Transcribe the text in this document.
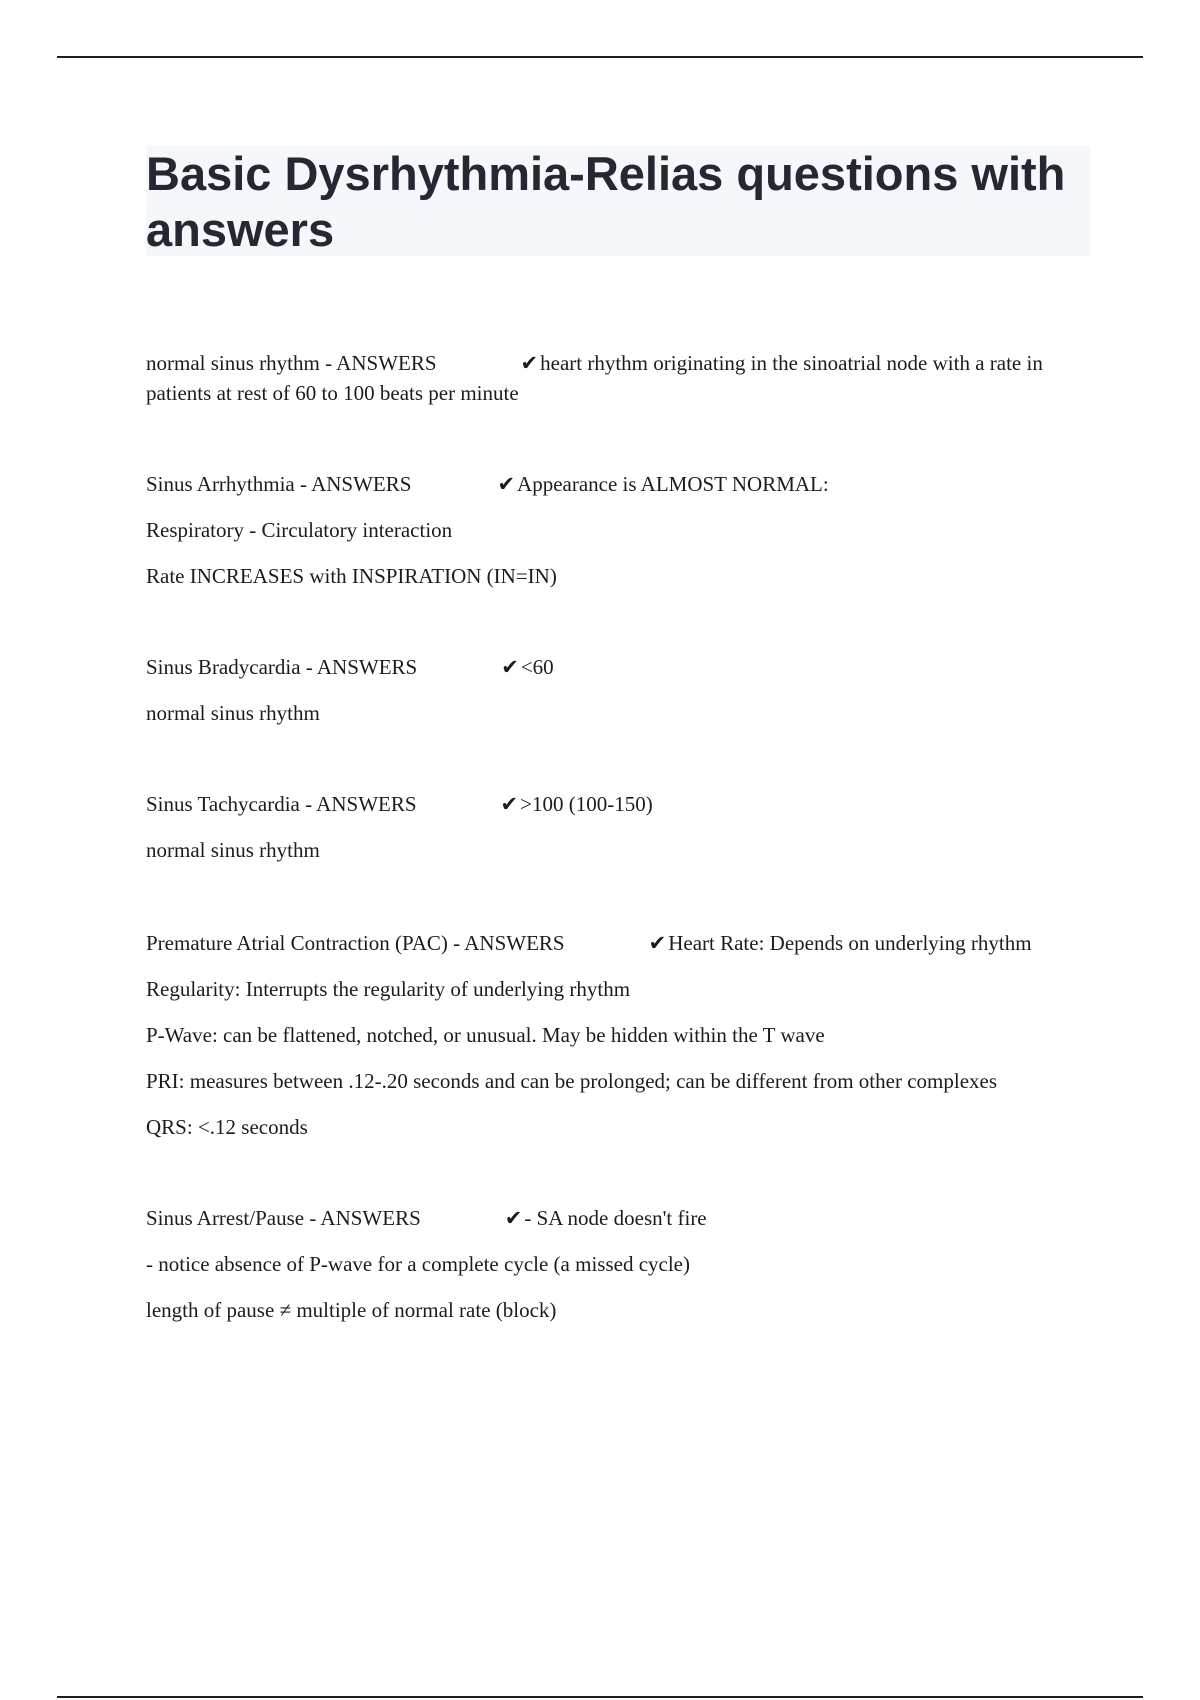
Basic Dysrhythmia-Relias questions with answers

normal sinus rhythm - ANSWERS	✔heart rhythm originating in the sinoatrial node with a rate in patients at rest of 60 to 100 beats per minute

Sinus Arrhythmia - ANSWERS	✔Appearance is ALMOST NORMAL:

Respiratory - Circulatory interaction

Rate INCREASES with INSPIRATION (IN=IN)

Sinus Bradycardia - ANSWERS	✔<60

normal sinus rhythm

Sinus Tachycardia - ANSWERS	✔>100 (100-150)

normal sinus rhythm

Premature Atrial Contraction (PAC) - ANSWERS	✔Heart Rate: Depends on underlying rhythm

Regularity: Interrupts the regularity of underlying rhythm

P-Wave: can be flattened, notched, or unusual. May be hidden within the T wave

PRI: measures between .12-.20 seconds and can be prolonged; can be different from other complexes

QRS: <.12 seconds

Sinus Arrest/Pause - ANSWERS	✔- SA node doesn't fire

- notice absence of P-wave for a complete cycle (a missed cycle)

length of pause ≠ multiple of normal rate (block)
